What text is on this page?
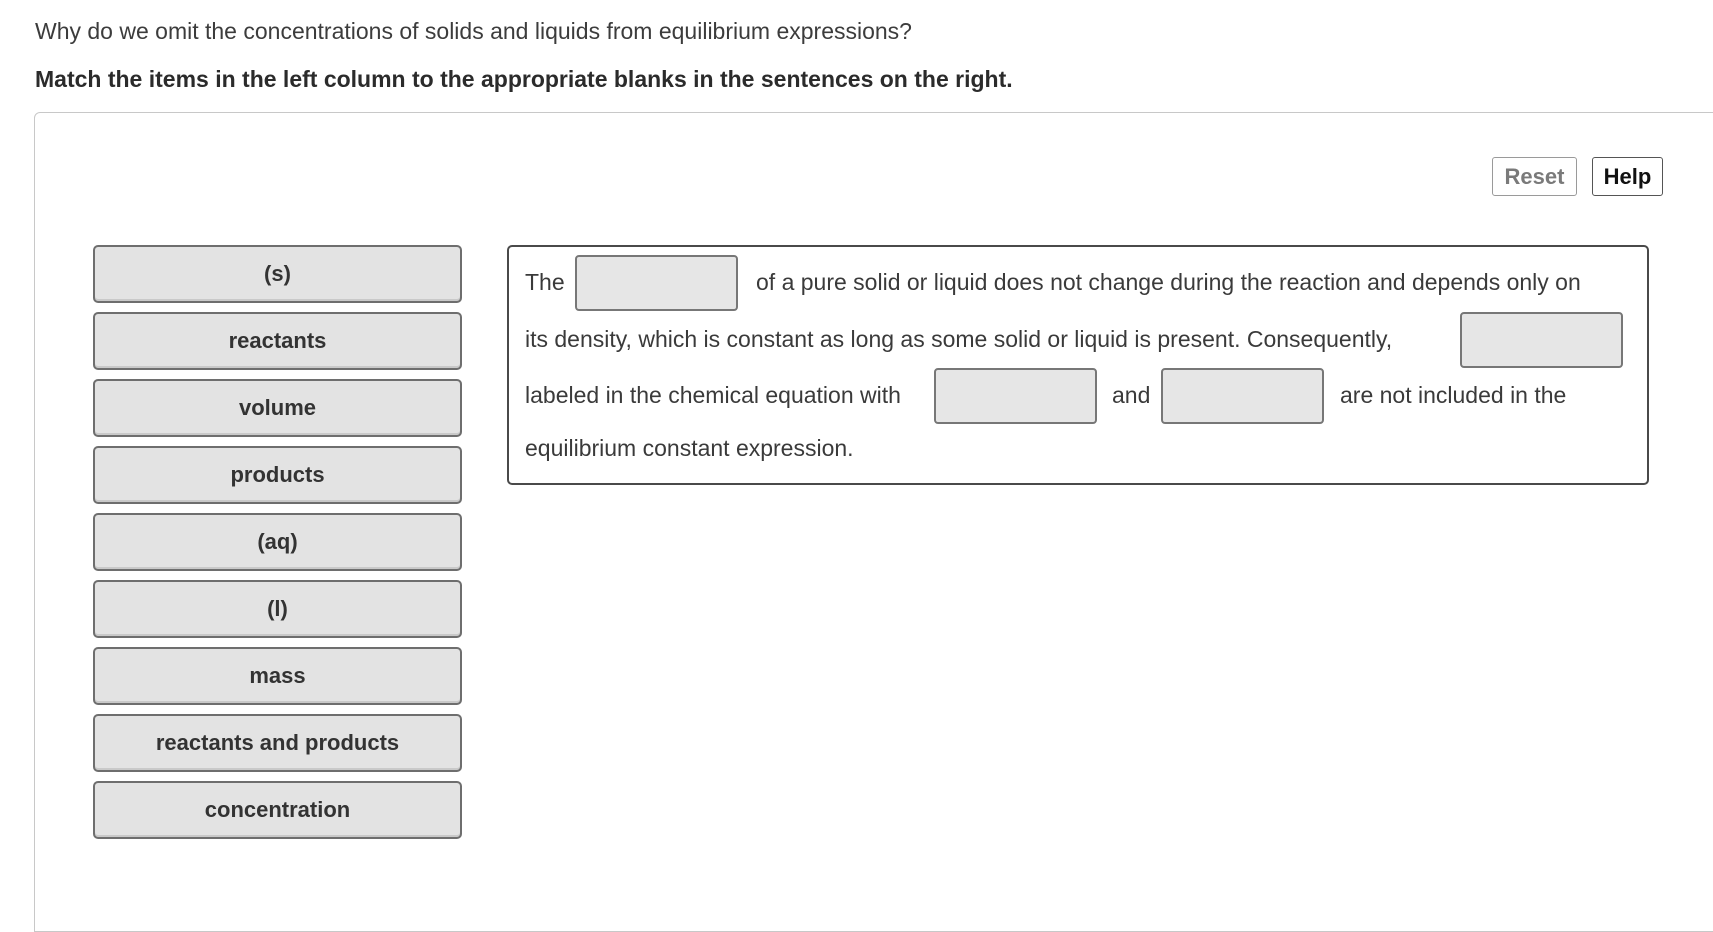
Why do we omit the concentrations of solids and liquids from equilibrium expressions?

Match the items in the left column to the appropriate blanks in the sentences on the right.

Reset	Help
(s)
reactants
volume
products
(aq)
(l)
mass
reactants and products
concentration
The	of a pure solid or liquid does not change during the reaction and depends only on
its density, which is constant as long as some solid or liquid is present. Consequently,
labeled in the chemical equation with	and	are not included in the
equilibrium constant expression.
